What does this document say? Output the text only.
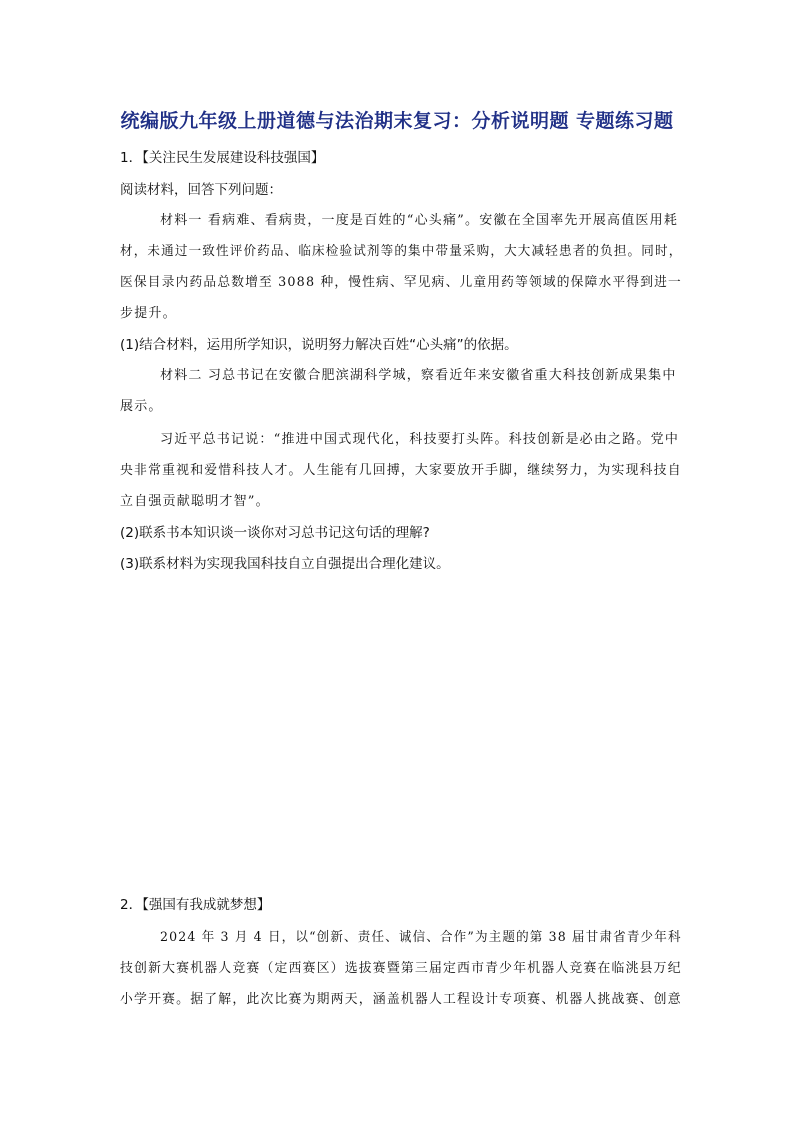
统编版九年级上册道德与法治期末复习：分析说明题 专题练习题
1．【关注民生发展建设科技强国】
阅读材料，回答下列问题：
材料一 看病难、看病贵，一度是百姓的“心头痛”。安徽在全国率先开展高值医用耗
材，未通过一致性评价药品、临床检验试剂等的集中带量采购，大大减轻患者的负担。同时，
医保目录内药品总数增至 3088 种，慢性病、罕见病、儿童用药等领域的保障水平得到进一
步提升。
(1)结合材料，运用所学知识，说明努力解决百姓“心头痛”的依据。
材料二 习总书记在安徽合肥滨湖科学城，察看近年来安徽省重大科技创新成果集中
展示。
习近平总书记说：“推进中国式现代化，科技要打头阵。科技创新是必由之路。党中
央非常重视和爱惜科技人才。人生能有几回搏，大家要放开手脚，继续努力，为实现科技自
立自强贡献聪明才智”。
(2)联系书本知识谈一谈你对习总书记这句话的理解?
(3)联系材料为实现我国科技自立自强提出合理化建议。
2．【强国有我成就梦想】
2024 年 3 月 4 日，以“创新、责任、诚信、合作”为主题的第 38 届甘肃省青少年科
技创新大赛机器人竞赛（定西赛区）选拔赛暨第三届定西市青少年机器人竞赛在临洮县万纪
小学开赛。据了解，此次比赛为期两天，涵盖机器人工程设计专项赛、机器人挑战赛、创意
